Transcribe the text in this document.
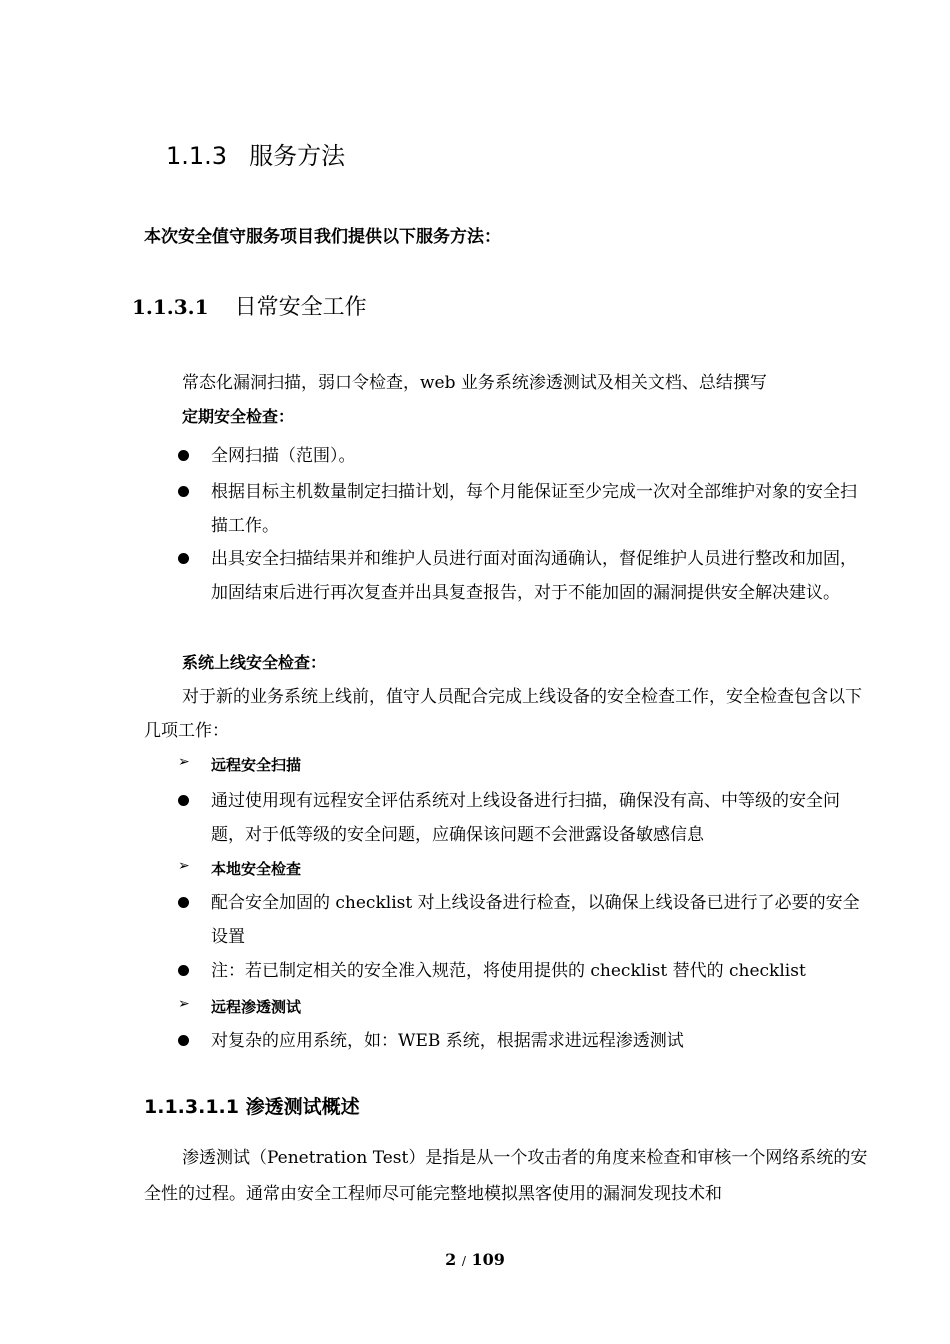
1.1.3 服务方法
本次安全值守服务项目我们提供以下服务方法：
1.1.3.1 日常安全工作
常态化漏洞扫描，弱口令检查，web 业务系统渗透测试及相关文档、总结撰写
定期安全检查：
全网扫描（范围）。
根据目标主机数量制定扫描计划，每个月能保证至少完成一次对全部维护对象的安全扫描工作。
出具安全扫描结果并和维护人员进行面对面沟通确认，督促维护人员进行整改和加固，加固结束后进行再次复查并出具复查报告，对于不能加固的漏洞提供安全解决建议。
系统上线安全检查：
对于新的业务系统上线前，值守人员配合完成上线设备的安全检查工作，安全检查包含以下几项工作：
➢ 远程安全扫描
通过使用现有远程安全评估系统对上线设备进行扫描，确保没有高、中等级的安全问题，对于低等级的安全问题，应确保该问题不会泄露设备敏感信息
➢ 本地安全检查
配合安全加固的 checklist 对上线设备进行检查，以确保上线设备已进行了必要的安全设置
注：若已制定相关的安全准入规范，将使用提供的 checklist 替代的 checklist
➢ 远程渗透测试
对复杂的应用系统，如：WEB 系统，根据需求进远程渗透测试
1.1.3.1.1 渗透测试概述
渗透测试（Penetration Test）是指是从一个攻击者的角度来检查和审核一个网络系统的安全性的过程。通常由安全工程师尽可能完整地模拟黑客使用的漏洞发现技术和
2 / 109
